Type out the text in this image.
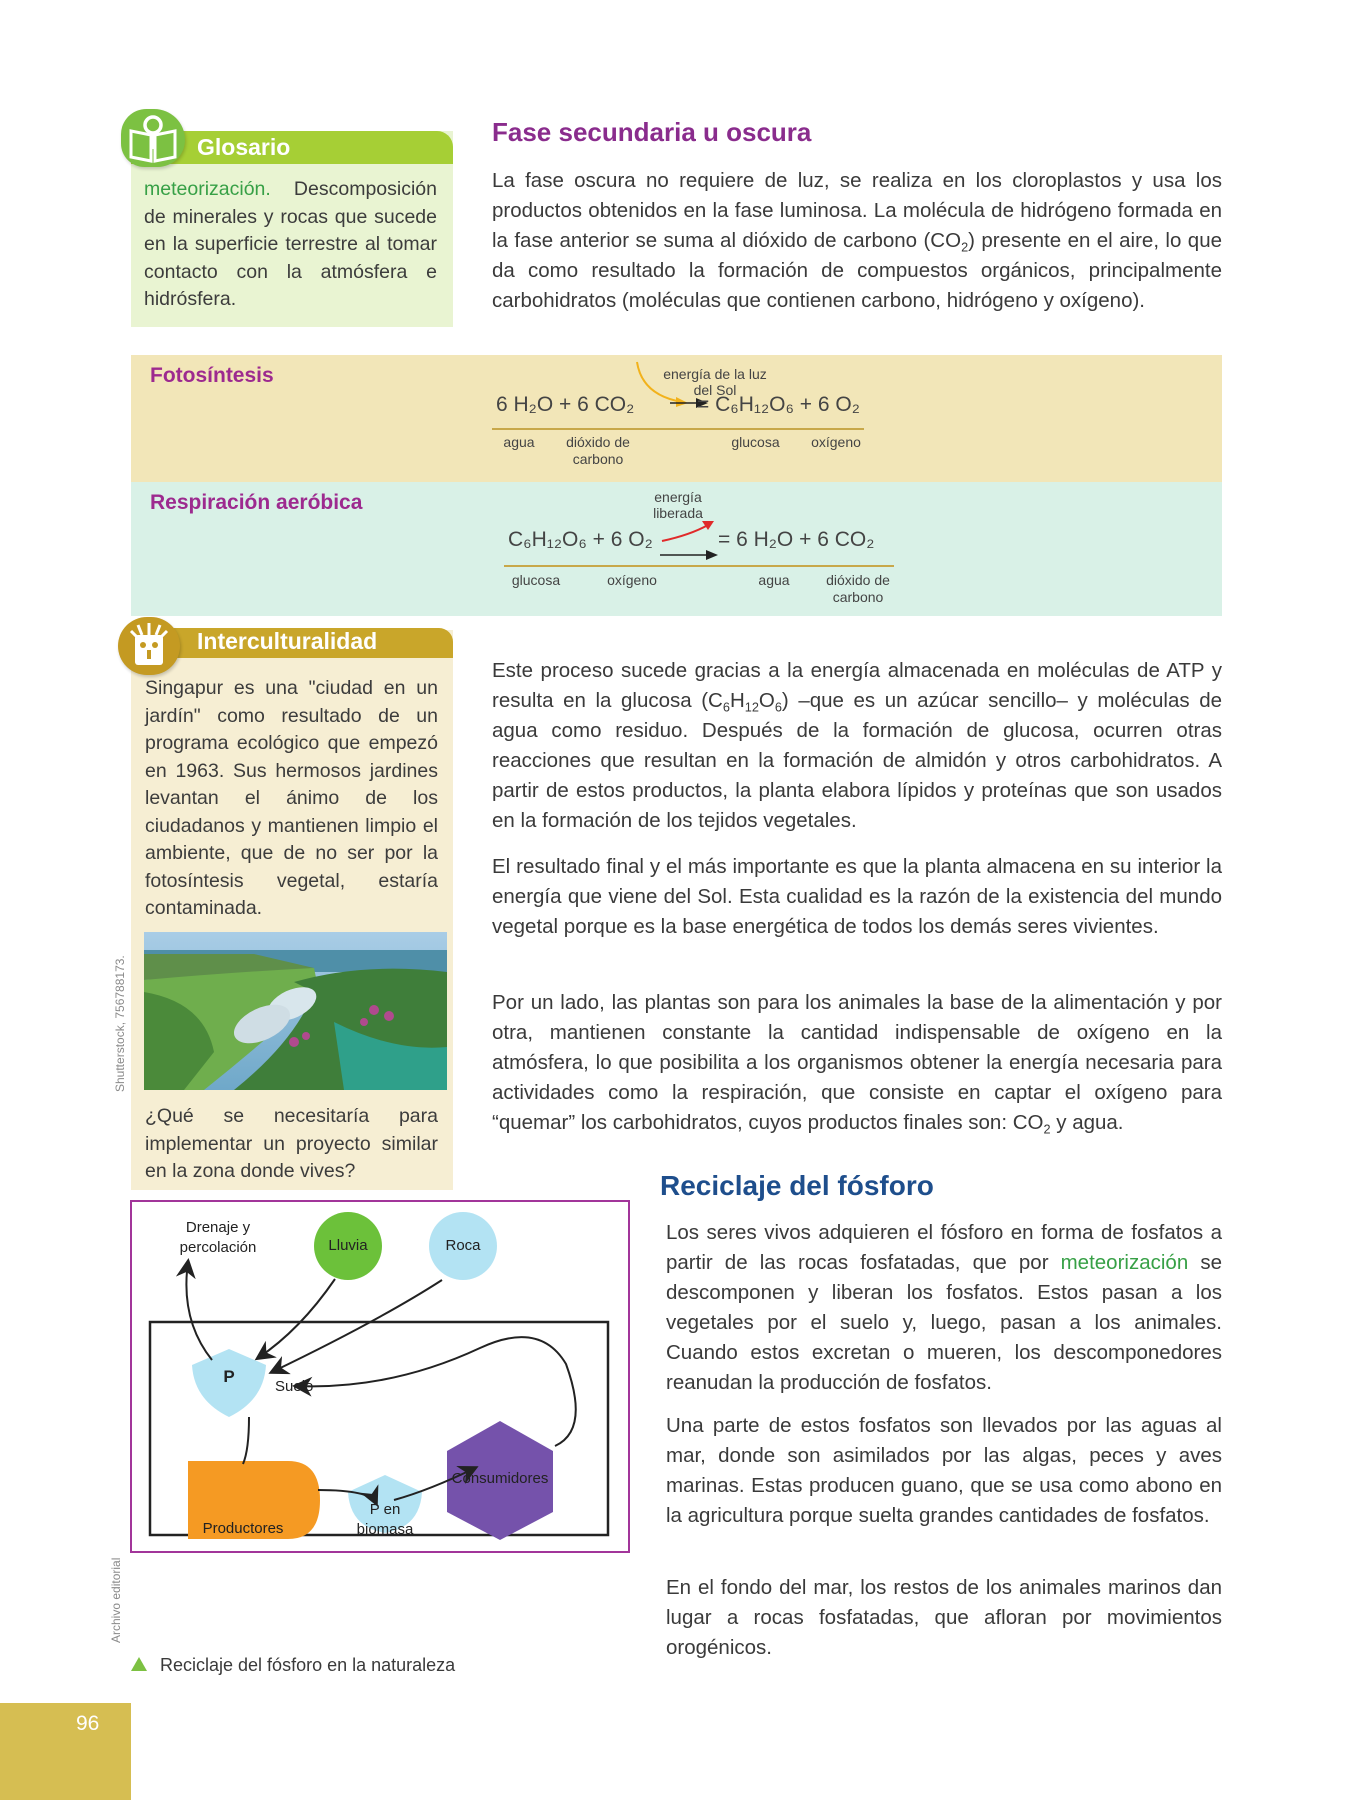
Glosario
meteorización. Descomposición de minerales y rocas que sucede en la superficie terrestre al tomar contacto con la atmósfera e hidrósfera.
Fase secundaria u oscura

La fase oscura no requiere de luz, se realiza en los cloroplastos y usa los productos obtenidos en la fase luminosa. La molécula de hidrógeno formada en la fase anterior se suma al dióxido de carbono $(CO_2)$ presente en el aire, lo que da como resultado la formación de compuestos orgánicos, principalmente carbohidratos (moléculas que contienen carbono, hidrógeno y oxígeno).

Fotosíntesis	energía de la luz del Sol
6 H₂O + 6 CO₂	= C₆H₁₂O₆ + 6 O₂
agua	dióxido de carbono
glucosa	oxígeno
Respiración aeróbica	energía liberada
C₆H₁₂O₆ + 6 O₂	= 6 H₂O + 6 CO₂
glucosa	oxígeno	agua	dióxido de carbono
Interculturalidad
Singapur es una "ciudad en un jardín" como resultado de un programa ecológico que empezó en 1963. Sus hermosos jardines levantan el ánimo de los ciudadanos y mantienen limpio el ambiente, que de no ser por la fotosíntesis vegetal, estaría contaminada.
Shutterstock, 756788173.
¿Qué se necesitaría para implementar un proyecto similar en la zona donde vives?

Este proceso sucede gracias a la energía almacenada en moléculas de ATP y resulta en la glucosa $(C_6H_{12}O_6)$ –que es un azúcar sencillo– y moléculas de agua como residuo. Después de la formación de glucosa, ocurren otras reacciones que resultan en la formación de almidón y otros carbohidratos. A partir de estos productos, la planta elabora lípidos y proteínas que son usados en la formación de los tejidos vegetales.

El resultado final y el más importante es que la planta almacena en su interior la energía que viene del Sol. Esta cualidad es la razón de la existencia del mundo vegetal porque es la base energética de todos los demás seres vivientes.

Por un lado, las plantas son para los animales la base de la alimentación y por otra, mantienen constante la cantidad indispensable de oxígeno en la atmósfera, lo que posibilita a los organismos obtener la energía necesaria para actividades como la respiración, que consiste en captar el oxígeno para “quemar” los carbohidratos, cuyos productos finales son: $CO_2$ y agua.

Reciclaje del fósforo

Los seres vivos adquieren el fósforo en forma de fosfatos a partir de las rocas fosfatadas, que por meteorización se descomponen y liberan los fosfatos. Estos pasan a los vegetales por el suelo y, luego, pasan a los animales. Cuando estos excretan o mueren, los descomponedores reanudan la producción de fosfatos.

Una parte de estos fosfatos son llevados por las aguas al mar, donde son asimilados por las algas, peces y aves marinas. Estas producen guano, que se usa como abono en la agricultura porque suelta grandes cantidades de fosfatos.

En el fondo del mar, los restos de los animales marinos dan lugar a rocas fosfatadas, que afloran por movimientos orogénicos.

Drenaje y percolación	Lluvia	Roca
P
Suelo
Consumidores
Productores
P en
biomasa
Archivo editorial
Reciclaje del fósforo en la naturaleza
96
